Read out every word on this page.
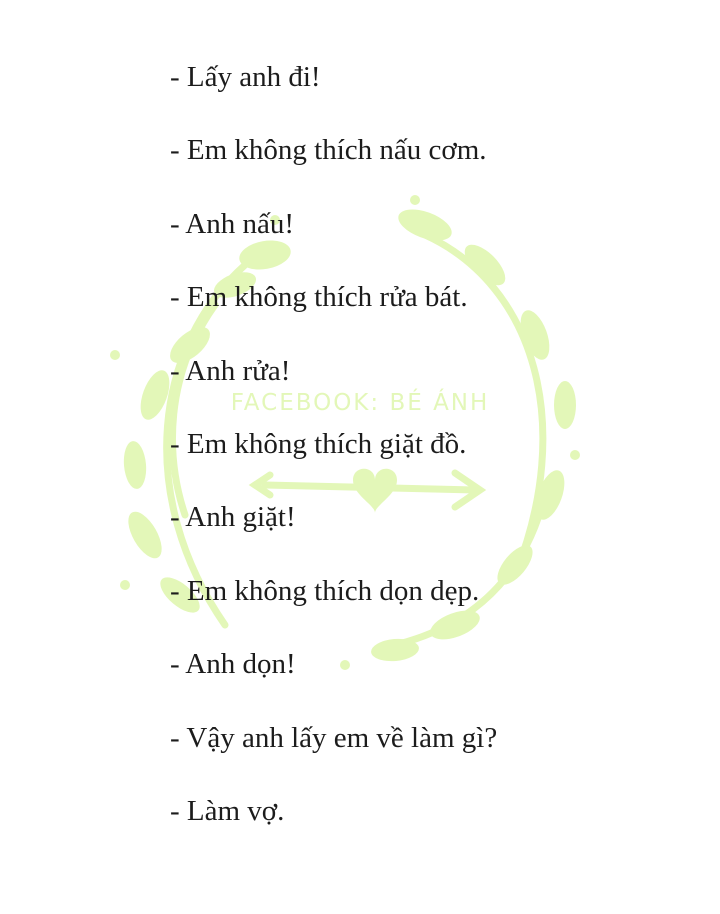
FACEBOOK: BÉ ÁNH
- Lấy anh đi!
- Em không thích nấu cơm.
- Anh nấu!
- Em không thích rửa bát.
- Anh rửa!
- Em không thích giặt đồ.
- Anh giặt!
- Em không thích dọn dẹp.
- Anh dọn!
- Vậy anh lấy em về làm gì?
- Làm vợ.
